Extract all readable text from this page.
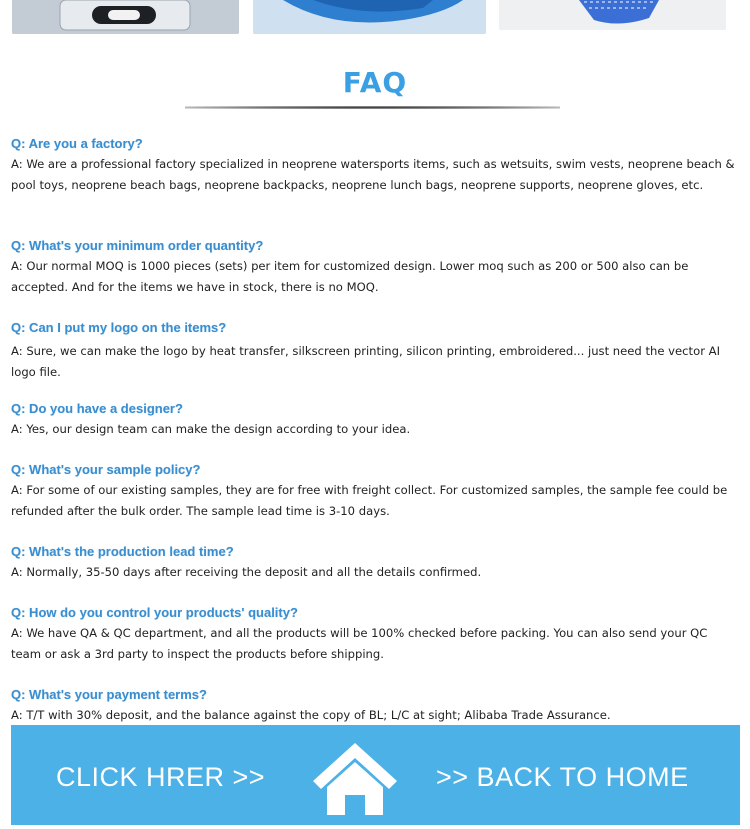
FAQ
Q: Are you a factory?
A: We are a professional factory specialized in neoprene watersports items, such as wetsuits, swim vests, neoprene beach & pool toys, neoprene beach bags, neoprene backpacks, neoprene lunch bags, neoprene supports, neoprene gloves, etc.
Q: What's your minimum order quantity?
A: Our normal MOQ is 1000 pieces (sets) per item for customized design. Lower moq such as 200 or 500 also can be accepted. And for the items we have in stock, there is no MOQ.
Q: Can I put my logo on the items?
A: Sure, we can make the logo by heat transfer, silkscreen printing, silicon printing, embroidered... just need the vector AI logo file.
Q: Do you have a designer?
A: Yes, our design team can make the design according to your idea.
Q: What's your sample policy?
A: For some of our existing samples, they are for free with freight collect. For customized samples, the sample fee could be refunded after the bulk order. The sample lead time is 3-10 days.
Q: What's the production lead time?
A: Normally, 35-50 days after receiving the deposit and all the details confirmed.
Q: How do you control your products' quality?
A: We have QA & QC department, and all the products will be 100% checked before packing. You can also send your QC team or ask a 3rd party to inspect the products before shipping.
Q: What's your payment terms?
A: T/T with 30% deposit, and the balance against the copy of BL; L/C at sight; Alibaba Trade Assurance.
CLICK HRER >>	>> BACK TO HOME
